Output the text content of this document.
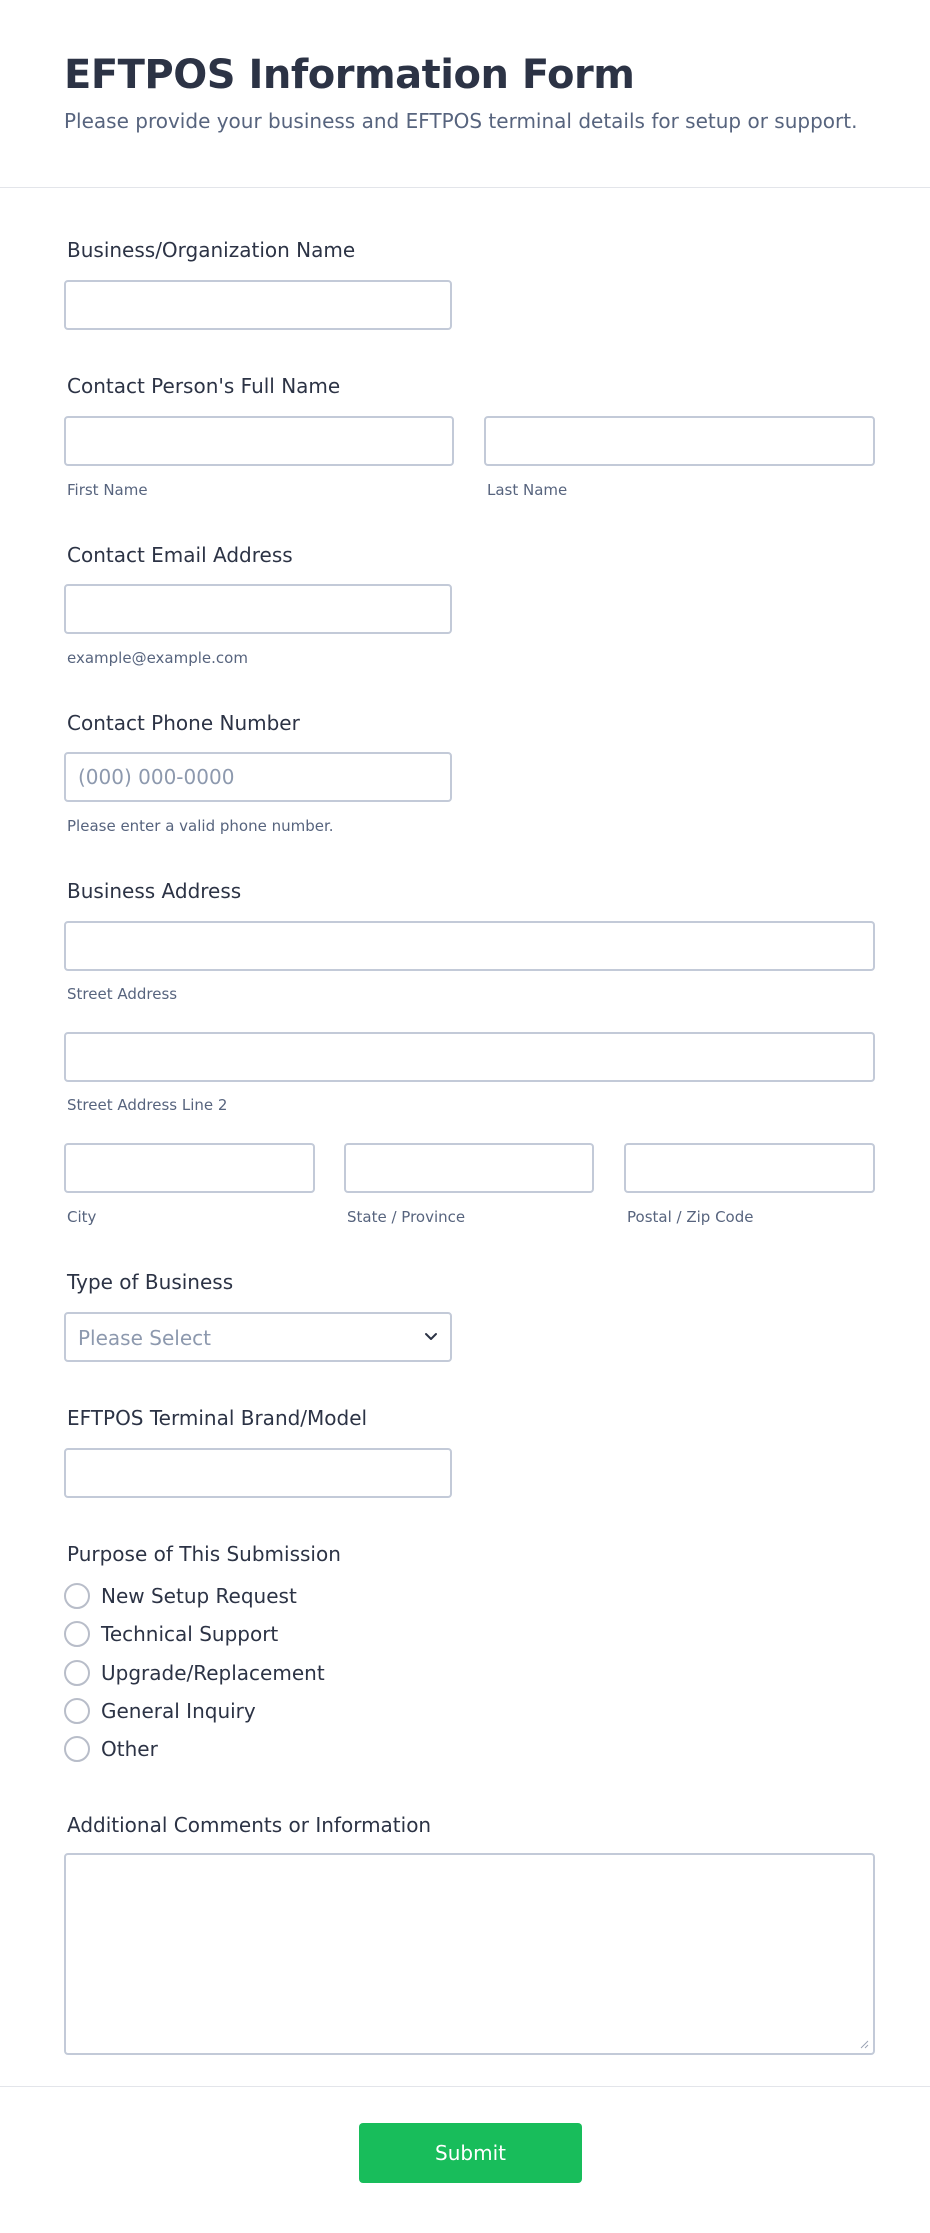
EFTPOS Information Form
Please provide your business and EFTPOS terminal details for setup or support.
Business/Organization Name
Contact Person's Full Name
First Name	Last Name
Contact Email Address
example@example.com
Contact Phone Number
(000) 000-0000
Please enter a valid phone number.
Business Address
Street Address
Street Address Line 2
City	State / Province	Postal / Zip Code
Type of Business
Please Select
EFTPOS Terminal Brand/Model
Purpose of This Submission
New Setup Request
Technical Support
Upgrade/Replacement
General Inquiry
Other
Additional Comments or Information
Submit
